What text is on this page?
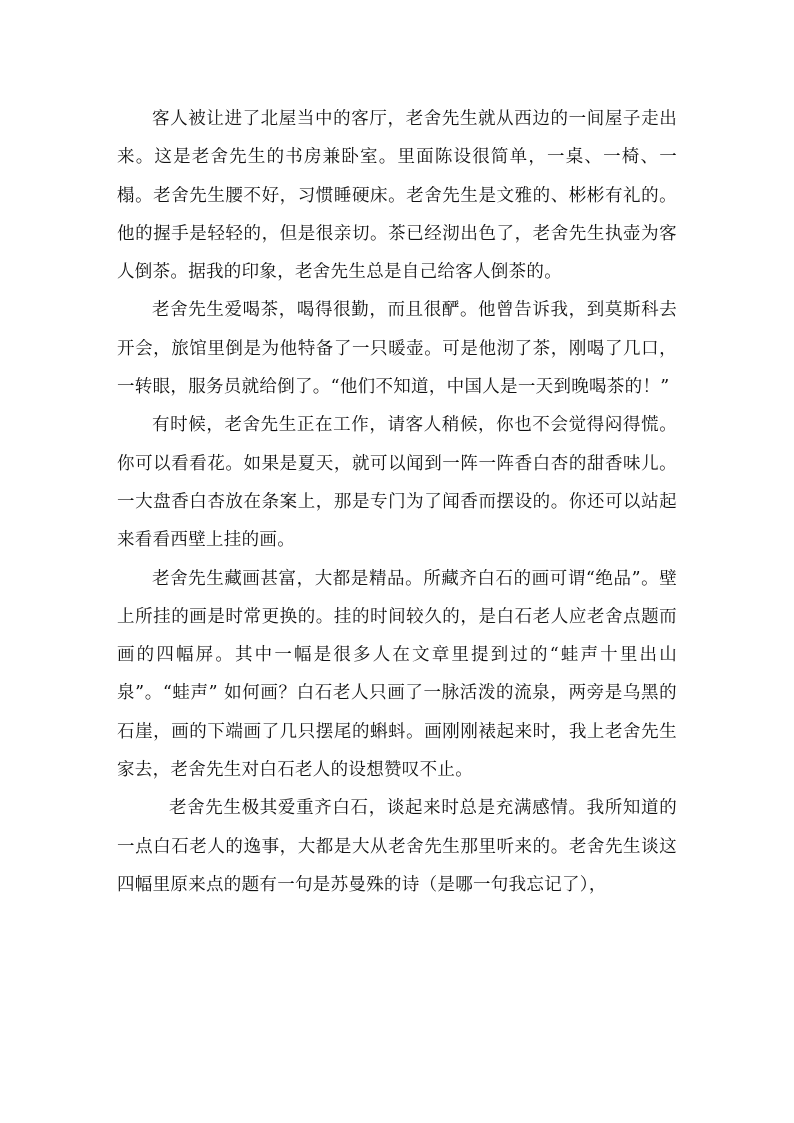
客人被让进了北屋当中的客厅，老舍先生就从西边的一间屋子走出来。这是老舍先生的书房兼卧室。里面陈设很简单，一桌、一椅、一榻。老舍先生腰不好，习惯睡硬床。老舍先生是文雅的、彬彬有礼的。他的握手是轻轻的，但是很亲切。茶已经沏出色了，老舍先生执壶为客人倒茶。据我的印象，老舍先生总是自己给客人倒茶的。

老舍先生爱喝茶，喝得很勤，而且很酽。他曾告诉我，到莫斯科去开会，旅馆里倒是为他特备了一只暖壶。可是他沏了茶，刚喝了几口，一转眼，服务员就给倒了。“他们不知道，中国人是一天到晚喝茶的！”

有时候，老舍先生正在工作，请客人稍候，你也不会觉得闷得慌。你可以看看花。如果是夏天，就可以闻到一阵一阵香白杏的甜香味儿。一大盘香白杏放在条案上，那是专门为了闻香而摆设的。你还可以站起来看看西壁上挂的画。

老舍先生藏画甚富，大都是精品。所藏齐白石的画可谓“绝品”。壁上所挂的画是时常更换的。挂的时间较久的，是白石老人应老舍点题而画的四幅屏。其中一幅是很多人在文章里提到过的“蛙声十里出山泉”。“蛙声” 如何画？白石老人只画了一脉活泼的流泉，两旁是乌黑的石崖，画的下端画了几只摆尾的蝌蚪。画刚刚裱起来时，我上老舍先生家去，老舍先生对白石老人的设想赞叹不止。

老舍先生极其爱重齐白石，谈起来时总是充满感情。我所知道的一点白石老人的逸事，大都是大从老舍先生那里听来的。老舍先生谈这四幅里原来点的题有一句是苏曼殊的诗（是哪一句我忘记了），
